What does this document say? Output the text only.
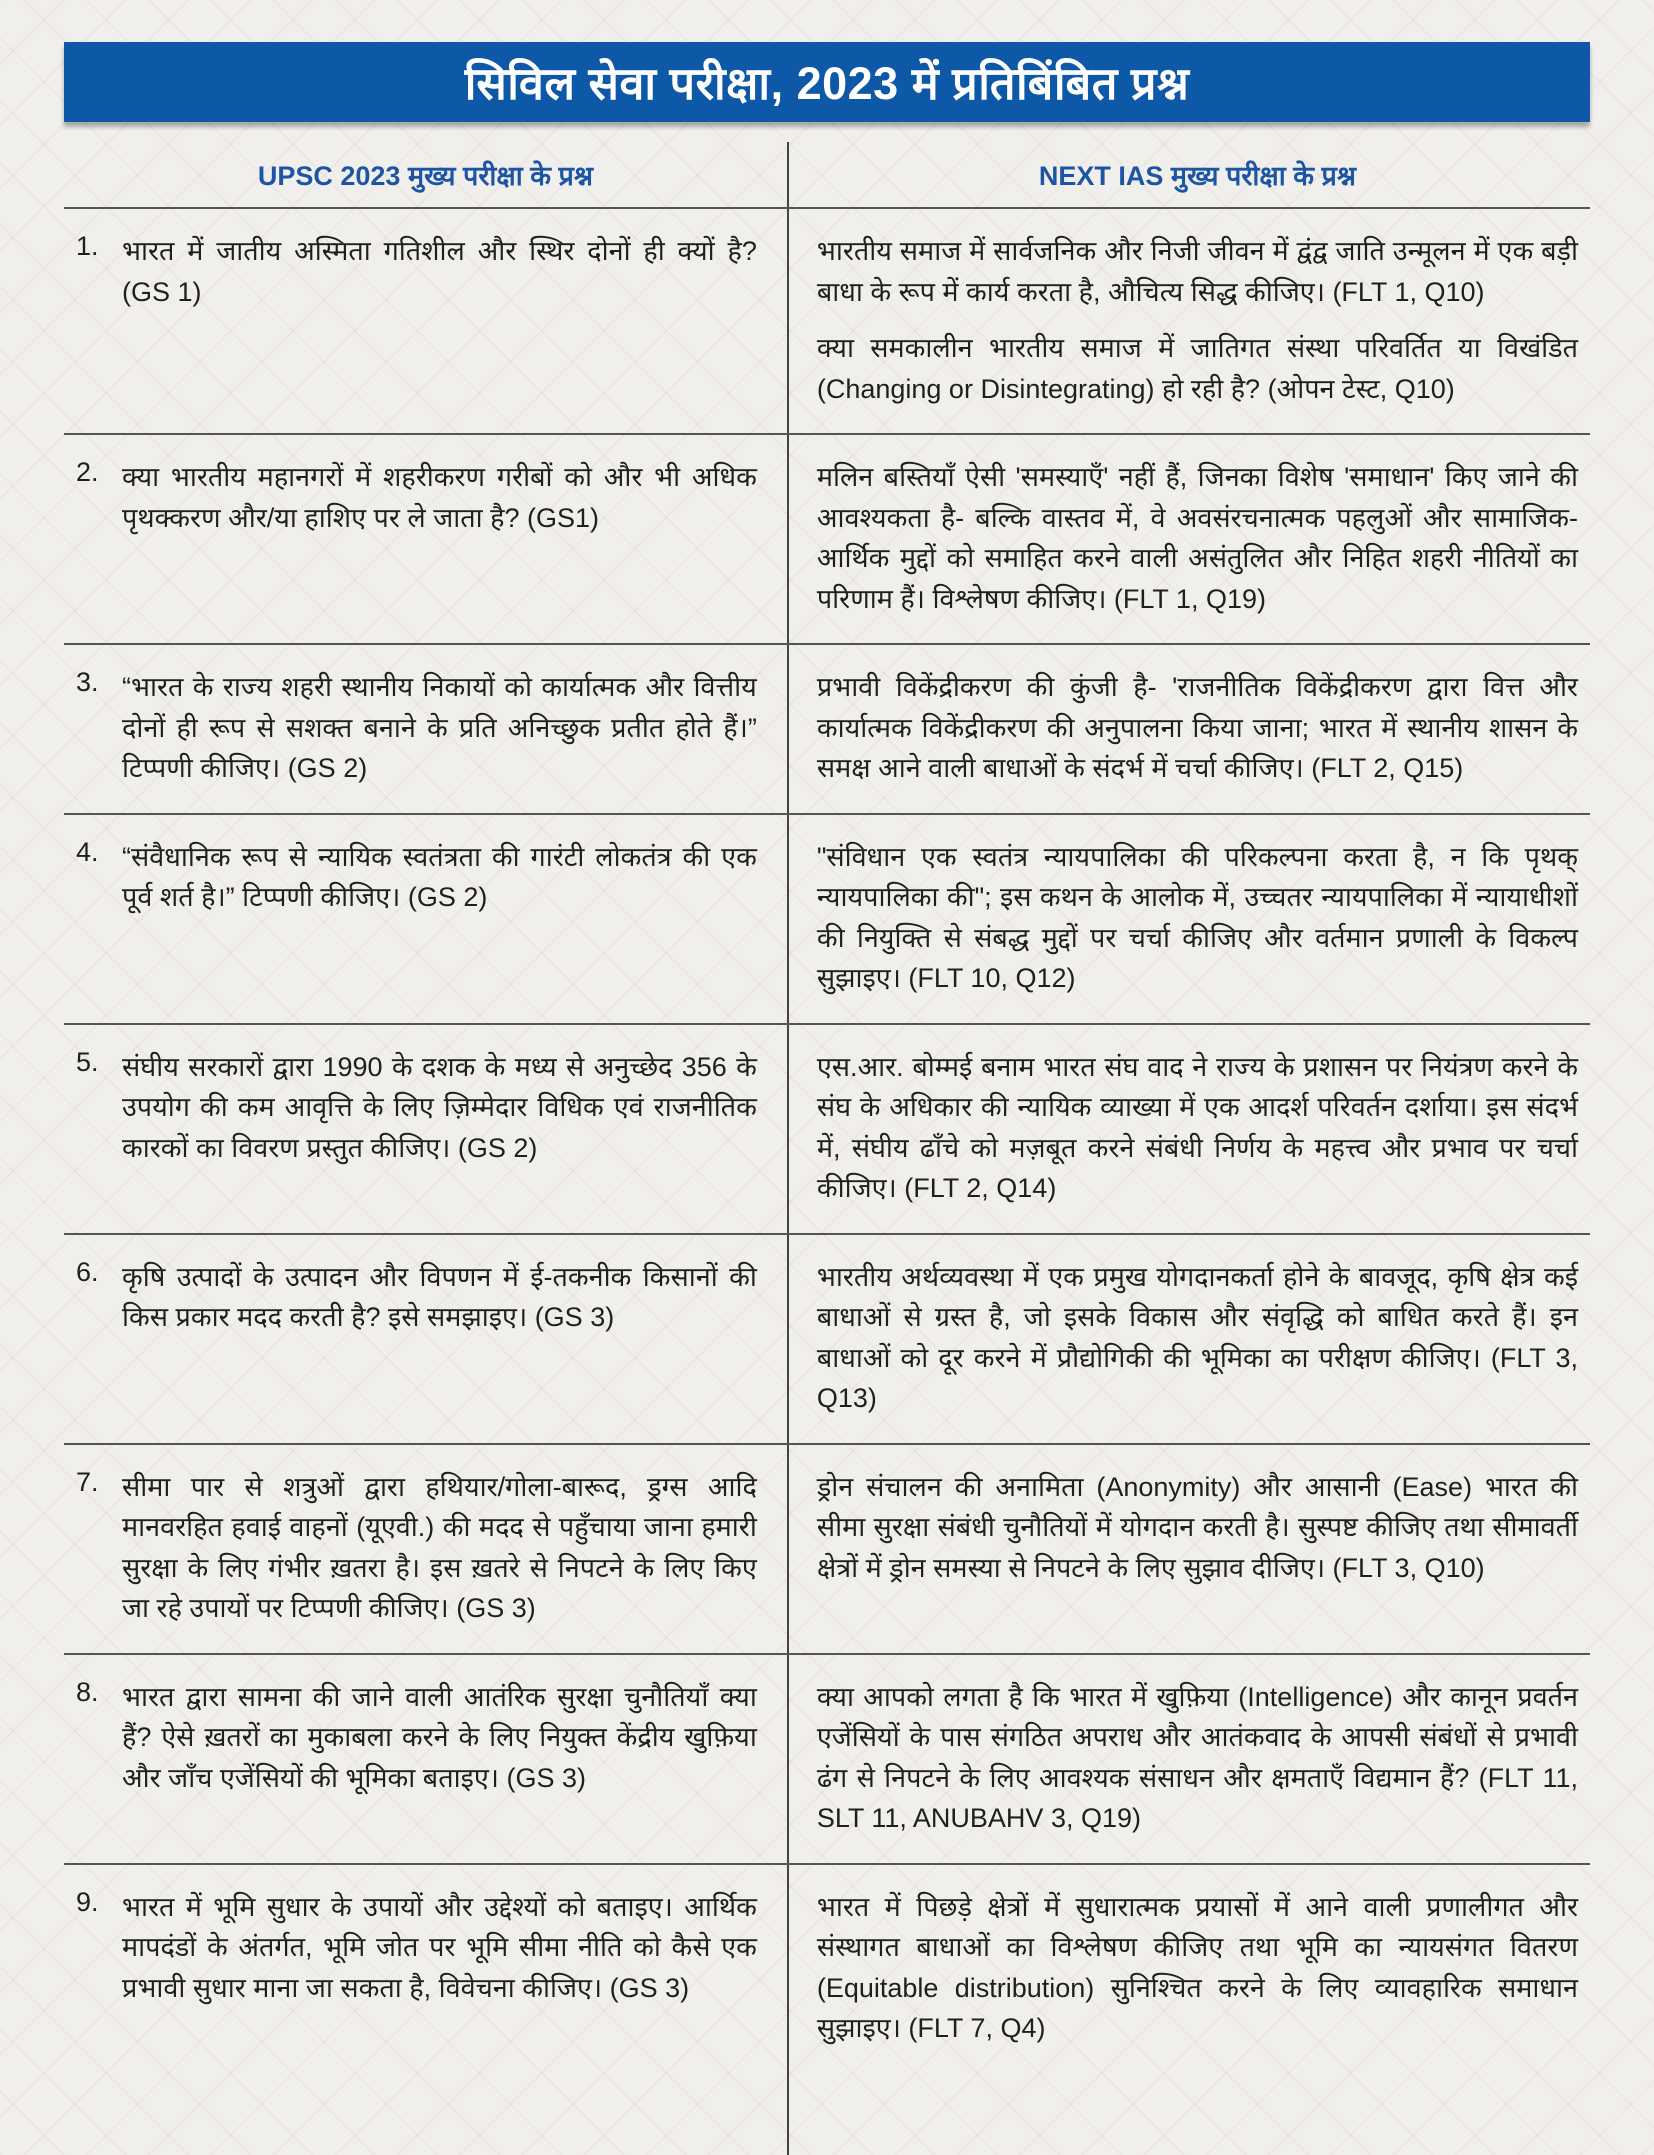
सिविल सेवा परीक्षा, 2023 में प्रतिबिंबित प्रश्न
UPSC 2023 मुख्य परीक्षा के प्रश्न	NEXT IAS मुख्य परीक्षा के प्रश्न
1. भारत में जातीय अस्मिता गतिशील और स्थिर दोनों ही क्यों है? (GS 1)

भारतीय समाज में सार्वजनिक और निजी जीवन में द्वंद्व जाति उन्मूलन में एक बड़ी बाधा के रूप में कार्य करता है, औचित्य सिद्ध कीजिए। (FLT 1, Q10)

क्या समकालीन भारतीय समाज में जातिगत संस्था परिवर्तित या विखंडित (Changing or Disintegrating) हो रही है? (ओपन टेस्ट, Q10)

2. क्या भारतीय महानगरों में शहरीकरण गरीबों को और भी अधिक पृथक्करण और/या हाशिए पर ले जाता है? (GS1)

मलिन बस्तियाँ ऐसी 'समस्याएँ' नहीं हैं, जिनका विशेष 'समाधान' किए जाने की आवश्यकता है- बल्कि वास्तव में, वे अवसंरचनात्मक पहलुओं और सामाजिक-आर्थिक मुद्दों को समाहित करने वाली असंतुलित और निहित शहरी नीतियों का परिणाम हैं। विश्लेषण कीजिए। (FLT 1, Q19)

3. “भारत के राज्य शहरी स्थानीय निकायों को कार्यात्मक और वित्तीय दोनों ही रूप से सशक्त बनाने के प्रति अनिच्छुक प्रतीत होते हैं।” टिप्पणी कीजिए। (GS 2)

प्रभावी विकेंद्रीकरण की कुंजी है- 'राजनीतिक विकेंद्रीकरण द्वारा वित्त और कार्यात्मक विकेंद्रीकरण की अनुपालना किया जाना; भारत में स्थानीय शासन के समक्ष आने वाली बाधाओं के संदर्भ में चर्चा कीजिए। (FLT 2, Q15)

4. “संवैधानिक रूप से न्यायिक स्वतंत्रता की गारंटी लोकतंत्र की एक पूर्व शर्त है।” टिप्पणी कीजिए। (GS 2)

"संविधान एक स्वतंत्र न्यायपालिका की परिकल्पना करता है, न कि पृथक् न्यायपालिका की"; इस कथन के आलोक में, उच्चतर न्यायपालिका में न्यायाधीशों की नियुक्ति से संबद्ध मुद्दों पर चर्चा कीजिए और वर्तमान प्रणाली के विकल्प सुझाइए। (FLT 10, Q12)

5. संघीय सरकारों द्वारा 1990 के दशक के मध्य से अनुच्छेद 356 के उपयोग की कम आवृत्ति के लिए ज़िम्मेदार विधिक एवं राजनीतिक कारकों का विवरण प्रस्तुत कीजिए। (GS 2)

एस.आर. बोम्मई बनाम भारत संघ वाद ने राज्य के प्रशासन पर नियंत्रण करने के संघ के अधिकार की न्यायिक व्याख्या में एक आदर्श परिवर्तन दर्शाया। इस संदर्भ में, संघीय ढाँचे को मज़बूत करने संबंधी निर्णय के महत्त्व और प्रभाव पर चर्चा कीजिए। (FLT 2, Q14)

6. कृषि उत्पादों के उत्पादन और विपणन में ई-तकनीक किसानों की किस प्रकार मदद करती है? इसे समझाइए। (GS 3)

भारतीय अर्थव्यवस्था में एक प्रमुख योगदानकर्ता होने के बावजूद, कृषि क्षेत्र कई बाधाओं से ग्रस्त है, जो इसके विकास और संवृद्धि को बाधित करते हैं। इन बाधाओं को दूर करने में प्रौद्योगिकी की भूमिका का परीक्षण कीजिए। (FLT 3, Q13)

7. सीमा पार से शत्रुओं द्वारा हथियार/गोला-बारूद, ड्रग्स आदि मानवरहित हवाई वाहनों (यूएवी.) की मदद से पहुँचाया जाना हमारी सुरक्षा के लिए गंभीर ख़तरा है। इस ख़तरे से निपटने के लिए किए जा रहे उपायों पर टिप्पणी कीजिए। (GS 3)

ड्रोन संचालन की अनामिता (Anonymity) और आसानी (Ease) भारत की सीमा सुरक्षा संबंधी चुनौतियों में योगदान करती है। सुस्पष्ट कीजिए तथा सीमावर्ती क्षेत्रों में ड्रोन समस्या से निपटने के लिए सुझाव दीजिए। (FLT 3, Q10)

8. भारत द्वारा सामना की जाने वाली आतंरिक सुरक्षा चुनौतियाँ क्या हैं? ऐसे ख़तरों का मुकाबला करने के लिए नियुक्त केंद्रीय खुफ़िया और जाँच एजेंसियों की भूमिका बताइए। (GS 3)

क्या आपको लगता है कि भारत में खुफ़िया (Intelligence) और कानून प्रवर्तन एजेंसियों के पास संगठित अपराध और आतंकवाद के आपसी संबंधों से प्रभावी ढंग से निपटने के लिए आवश्यक संसाधन और क्षमताएँ विद्यमान हैं? (FLT 11, SLT 11, ANUBAHV 3, Q19)

9. भारत में भूमि सुधार के उपायों और उद्देश्यों को बताइए। आर्थिक मापदंडों के अंतर्गत, भूमि जोत पर भूमि सीमा नीति को कैसे एक प्रभावी सुधार माना जा सकता है, विवेचना कीजिए। (GS 3)

भारत में पिछड़े क्षेत्रों में सुधारात्मक प्रयासों में आने वाली प्रणालीगत और संस्थागत बाधाओं का विश्लेषण कीजिए तथा भूमि का न्यायसंगत वितरण (Equitable distribution) सुनिश्चित करने के लिए व्यावहारिक समाधान सुझाइए। (FLT 7, Q4)
